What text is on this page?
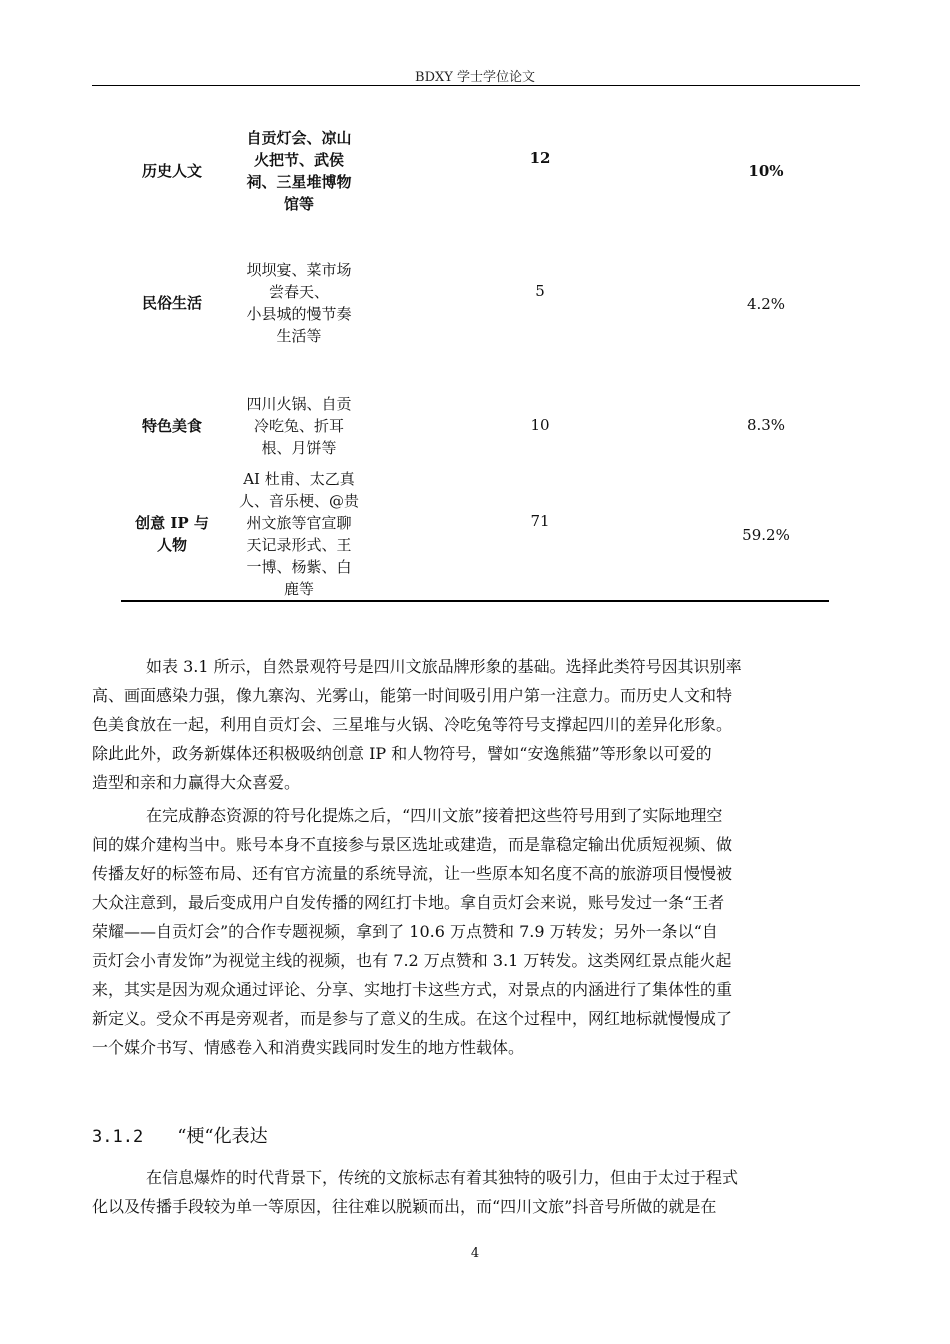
BDXY 学士学位论文
历史人文
自贡灯会、凉山
火把节、武侯
祠、三星堆博物
馆等
12
10%
民俗生活
坝坝宴、菜市场
尝春天、
小县城的慢节奏
生活等
5
4.2%
特色美食
四川火锅、自贡
冷吃兔、折耳
根、月饼等
10	8.3%
创意 IP 与
人物
AI 杜甫、太乙真
人、音乐梗、@贵
州文旅等官宣聊
天记录形式、王
一博、杨紫、白
鹿等
71
59.2%
如表 3.1 所示，自然景观符号是四川文旅品牌形象的基础。选择此类符号因其识别率
高、画面感染力强，像九寨沟、光雾山，能第一时间吸引用户第一注意力。而历史人文和特
色美食放在一起，利用自贡灯会、三星堆与火锅、冷吃兔等符号支撑起四川的差异化形象。
除此此外，政务新媒体还积极吸纳创意 IP 和人物符号，譬如“安逸熊猫”等形象以可爱的
造型和亲和力赢得大众喜爱。
在完成静态资源的符号化提炼之后，“四川文旅”接着把这些符号用到了实际地理空
间的媒介建构当中。账号本身不直接参与景区选址或建造，而是靠稳定输出优质短视频、做
传播友好的标签布局、还有官方流量的系统导流，让一些原本知名度不高的旅游项目慢慢被
大众注意到，最后变成用户自发传播的网红打卡地。拿自贡灯会来说，账号发过一条“王者
荣耀——自贡灯会”的合作专题视频，拿到了 10.6 万点赞和 7.9 万转发；另外一条以“自
贡灯会小青发饰”为视觉主线的视频，也有 7.2 万点赞和 3.1 万转发。这类网红景点能火起
来，其实是因为观众通过评论、分享、实地打卡这些方式，对景点的内涵进行了集体性的重
新定义。受众不再是旁观者，而是参与了意义的生成。在这个过程中，网红地标就慢慢成了
一个媒介书写、情感卷入和消费实践同时发生的地方性载体。
3.1.2 “梗“化表达
在信息爆炸的时代背景下，传统的文旅标志有着其独特的吸引力，但由于太过于程式
化以及传播手段较为单一等原因，往往难以脱颖而出，而“四川文旅”抖音号所做的就是在
4
